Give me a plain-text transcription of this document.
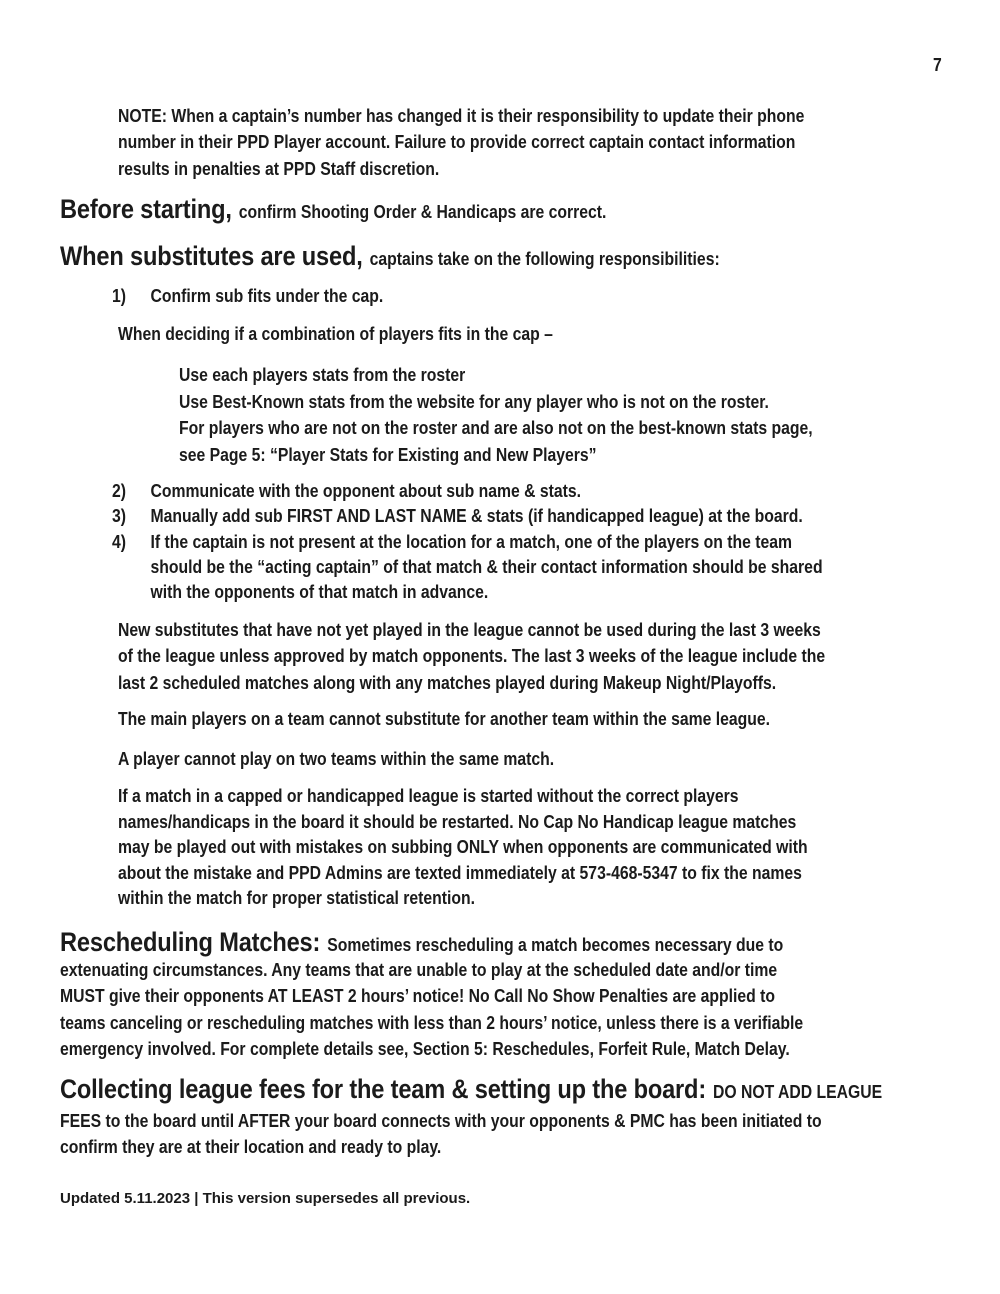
7
NOTE: When a captain’s number has changed it is their responsibility to update their phone
number in their PPD Player account. Failure to provide correct captain contact information
results in penalties at PPD Staff discretion.
Before starting, confirm Shooting Order & Handicaps are correct.
When substitutes are used, captains take on the following responsibilities:
1)	Confirm sub fits under the cap.
When deciding if a combination of players fits in the cap –
Use each players stats from the roster
Use Best-Known stats from the website for any player who is not on the roster.
For players who are not on the roster and are also not on the best-known stats page,
see Page 5: “Player Stats for Existing and New Players”
2)	Communicate with the opponent about sub name & stats.
3)	Manually add sub FIRST AND LAST NAME & stats (if handicapped league) at the board.
4)	If the captain is not present at the location for a match, one of the players on the team
should be the “acting captain” of that match & their contact information should be shared
with the opponents of that match in advance.
New substitutes that have not yet played in the league cannot be used during the last 3 weeks
of the league unless approved by match opponents. The last 3 weeks of the league include the
last 2 scheduled matches along with any matches played during Makeup Night/Playoffs.
The main players on a team cannot substitute for another team within the same league.
A player cannot play on two teams within the same match.
If a match in a capped or handicapped league is started without the correct players
names/handicaps in the board it should be restarted. No Cap No Handicap league matches
may be played out with mistakes on subbing ONLY when opponents are communicated with
about the mistake and PPD Admins are texted immediately at 573-468-5347 to fix the names
within the match for proper statistical retention.
Rescheduling Matches: Sometimes rescheduling a match becomes necessary due to
extenuating circumstances. Any teams that are unable to play at the scheduled date and/or time
MUST give their opponents AT LEAST 2 hours’ notice! No Call No Show Penalties are applied to
teams canceling or rescheduling matches with less than 2 hours’ notice, unless there is a verifiable
emergency involved. For complete details see, Section 5: Reschedules, Forfeit Rule, Match Delay.
Collecting league fees for the team & setting up the board: DO NOT ADD LEAGUE
FEES to the board until AFTER your board connects with your opponents & PMC has been initiated to
confirm they are at their location and ready to play.
Updated 5.11.2023 | This version supersedes all previous.
